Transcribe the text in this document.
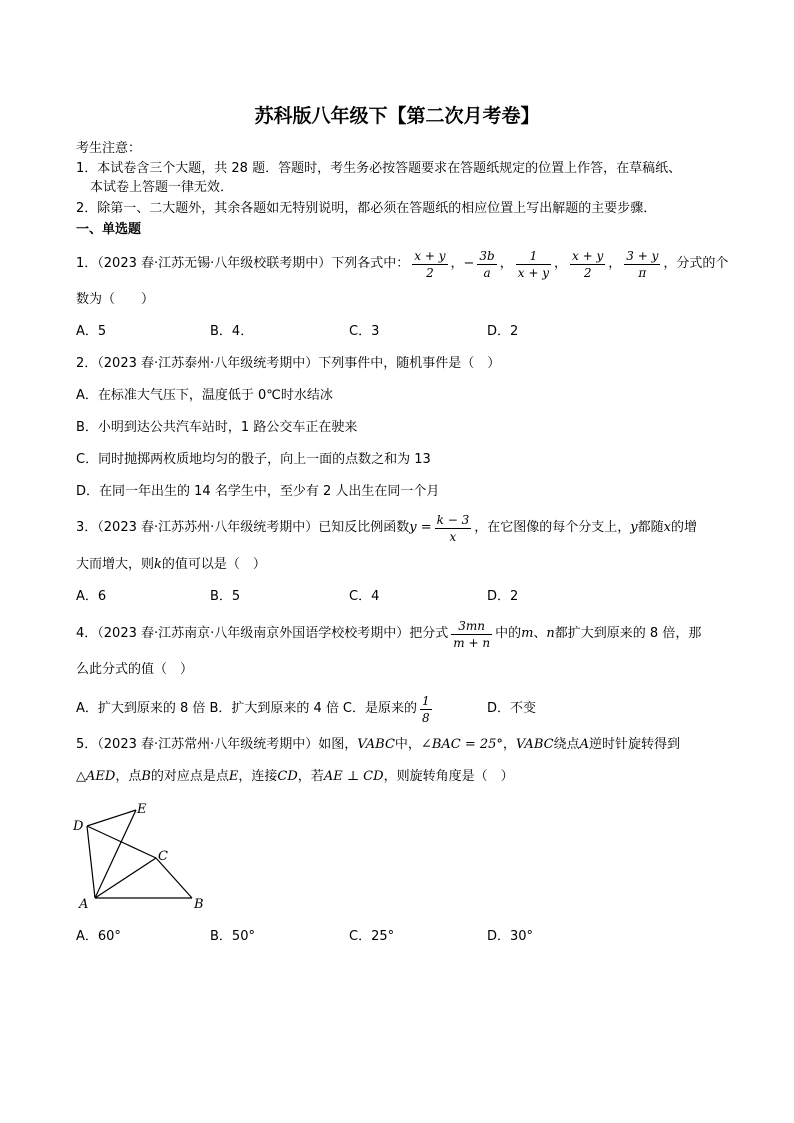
苏科版八年级下【第二次月考卷】
考生注意：
1．本试卷含三个大题，共 28 题．答题时，考生务必按答题要求在答题纸规定的位置上作答，在草稿纸、
本试卷上答题一律无效．
2．除第一、二大题外，其余各题如无特别说明，都必须在答题纸的相应位置上写出解题的主要步骤．
一、单选题
1．（2023 春·江苏无锡·八年级校联考期中）下列各式中： $\frac{x + y}{2}$ ， − $\frac{3b}{a}$ ， $\frac{1}{x + y}$ ， $\frac{x + y}{2}$ ， $\frac{3 + y}{\pi}$ ，分式的个
数为（　　）
A．5	B．4．	C．3	D．2
2．（2023 春·江苏泰州·八年级统考期中）下列事件中，随机事件是（　）
A．在标准大气压下，温度低于 0℃时水结冰
B．小明到达公共汽车站时，1 路公交车正在驶来
C．同时抛掷两枚质地均匀的骰子，向上一面的点数之和为 13
D．在同一年出生的 14 名学生中，至少有 2 人出生在同一个月
3．（2023 春·江苏苏州·八年级统考期中）已知反比例函数 $y = \frac{k - 3}{x}$ ，在它图像的每个分支上， y 都随 x 的增
大而增大，则k的值可以是（　）
A．6	B．5	C．4	D．2
4．（2023 春·江苏南京·八年级南京外国语学校校考期中）把分式 $\frac{3mn}{m + n}$ 中的 m 、 n 都扩大到原来的 8 倍，那
么此分式的值（　）
A．扩大到原来的 8 倍 B．扩大到原来的 4 倍 C．是原来的 $\frac{1}{8}$	D．不变
5．（2023 春·江苏常州·八年级统考期中）如图，VABC中，∠BAC = 25°，VABC绕点A逆时针旋转得到
△AED，点B的对应点是点E，连接CD，若AE ⊥ CD，则旋转角度是（　）
E
D
C
A	B
A．60°	B．50°	C．25°	D．30°
